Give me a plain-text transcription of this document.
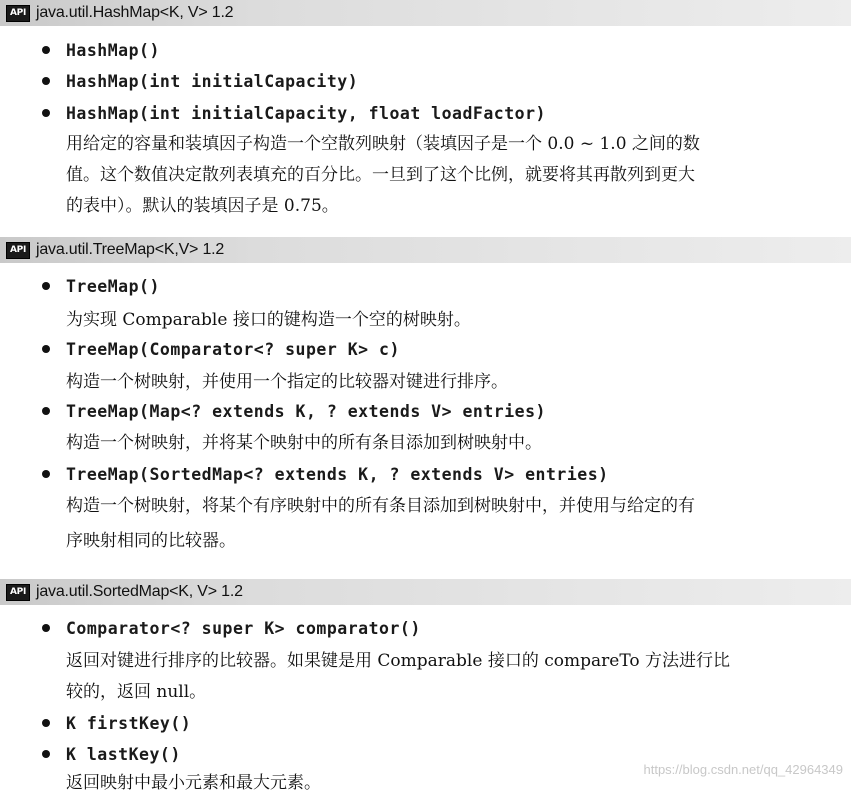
API java.util.HashMap<K, V> 1.2
HashMap()
HashMap(int initialCapacity)
HashMap(int initialCapacity, float loadFactor)
用给定的容量和装填因子构造一个空散列映射（装填因子是一个 0.0 ~ 1.0 之间的数
值。这个数值决定散列表填充的百分比。一旦到了这个比例，就要将其再散列到更大
的表中）。默认的装填因子是 0.75。
API java.util.TreeMap<K,V> 1.2
TreeMap()
为实现 Comparable 接口的键构造一个空的树映射。
TreeMap(Comparator<? super K> c)
构造一个树映射，并使用一个指定的比较器对键进行排序。
TreeMap(Map<? extends K, ? extends V> entries)
构造一个树映射，并将某个映射中的所有条目添加到树映射中。
TreeMap(SortedMap<? extends K, ? extends V> entries)
构造一个树映射，将某个有序映射中的所有条目添加到树映射中，并使用与给定的有
序映射相同的比较器。
API java.util.SortedMap<K, V> 1.2
Comparator<? super K> comparator()
返回对键进行排序的比较器。如果键是用 Comparable 接口的 compareTo 方法进行比
较的，返回 null。
K firstKey()
K lastKey()
返回映射中最小元素和最大元素。
https://blog.csdn.net/qq_42964349
